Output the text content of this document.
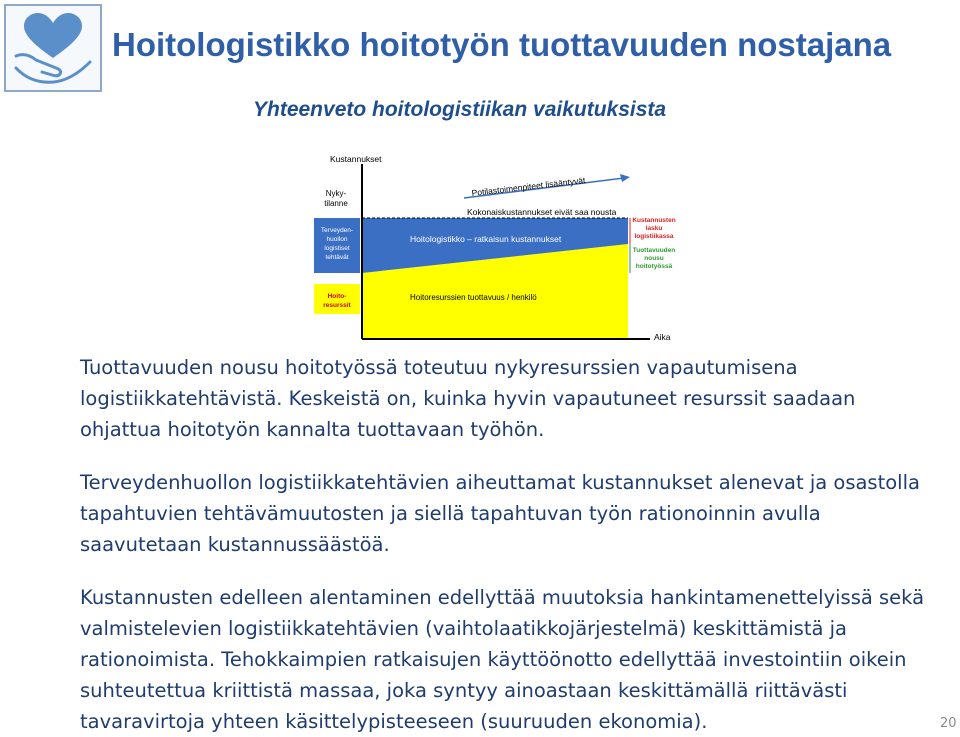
Hoitologistikko hoitotyön tuottavuuden nostajana
Yhteenveto hoitologistiikan vaikutuksista
Kustannukset
Aika
Nyky-tilanne
Terveyden-huollon logistiset tehtävät
Hoito-resurssit
Potilastoimenpiteet lisääntyvät
Kokonaiskustannukset eivät saa nousta
Hoitologistikko – ratkaisun kustannukset
Hoitoresurssien tuottavuus / henkilö
Kustannusten lasku logistiikassa
Tuottavuuden nousu hoitotyössä

Tuottavuuden nousu hoitotyössä toteutuu nykyresurssien vapautumisena logistiikkatehtävistä. Keskeistä on, kuinka hyvin vapautuneet resurssit saadaan ohjattua hoitotyön kannalta tuottavaan työhön.

Terveydenhuollon logistiikkatehtävien aiheuttamat kustannukset alenevat ja osastolla tapahtuvien tehtävämuutosten ja siellä tapahtuvan työn rationoinnin avulla saavutetaan kustannussäästöä.

Kustannusten edelleen alentaminen edellyttää muutoksia hankintamenettelyissä sekä valmistelevien logistiikkatehtävien (vaihtolaatikkojärjestelmä) keskittämistä ja rationoimista. Tehokkaimpien ratkaisujen käyttöönotto edellyttää investointiin oikein suhteutettua kriittistä massaa, joka syntyy ainoastaan keskittämällä riittävästi tavaravirtoja yhteen käsittelypisteeseen (suuruuden ekonomia).	20
